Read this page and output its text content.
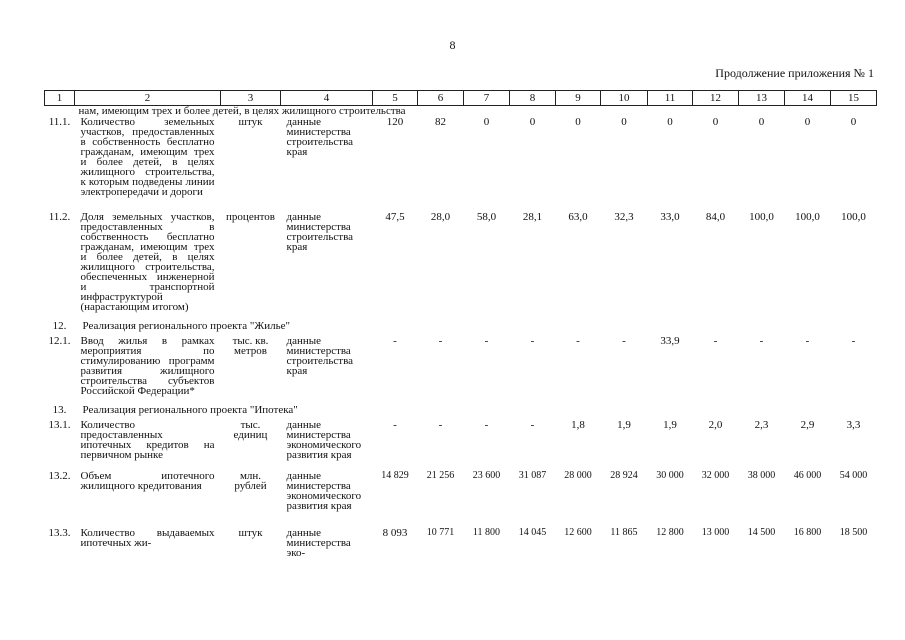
8
Продолжение приложения № 1
1	2	3	4	5	6	7	8	9	10	11	12	13	14	15
нам, имеющим трех и более детей, в целях жилищного строительства														
11.1.	Количество земельных участков, предоставленных в собственность бесплатно гражданам, имеющим трех и более детей, в целях жилищного строительства, к которым подведены линии электропередачи и дороги	штук	данные министерства строительства края	120	82	0	0	0	0	0	0	0	0	0

11.2.	Доля земельных участков, предоставленных в собственность бесплатно гражданам, имеющим трех и более детей, в целях жилищного строительства, обеспеченных инженерной и транспортной инфраструктурой (нарастающим итогом)	процентов	данные министерства строительства края	47,5	28,0	58,0	28,1	63,0	32,3	33,0	84,0	100,0	100,0	100,0

12.	Реализация регионального проекта "Жилье"													

12.1.	Ввод жилья в рамках мероприятия по стимулированию программ развития жилищного строительства субъектов Российской Федерации*	тыс. кв. метров	данные министерства строительства края	-	-	-	-	-	-	33,9	-	-	-	-

13.	Реализация регионального проекта "Ипотека"													

13.1.	Количество предоставленных ипотечных кредитов на первичном рынке	тыс. единиц	данные министерства экономического развития края	-	-	-	-	1,8	1,9	1,9	2,0	2,3	2,9	3,3

13.2.	Объем ипотечного жилищного кредитования	млн. рублей	данные министерства экономического развития края	14 829	21 256	23 600	31 087	28 000	28 924	30 000	32 000	38 000	46 000	54 000

13.3.	Количество выдаваемых ипотечных жи-	штук	данные министерства эко-	8 093	10 771	11 800	14 045	12 600	11 865	12 800	13 000	14 500	16 800	18 500
